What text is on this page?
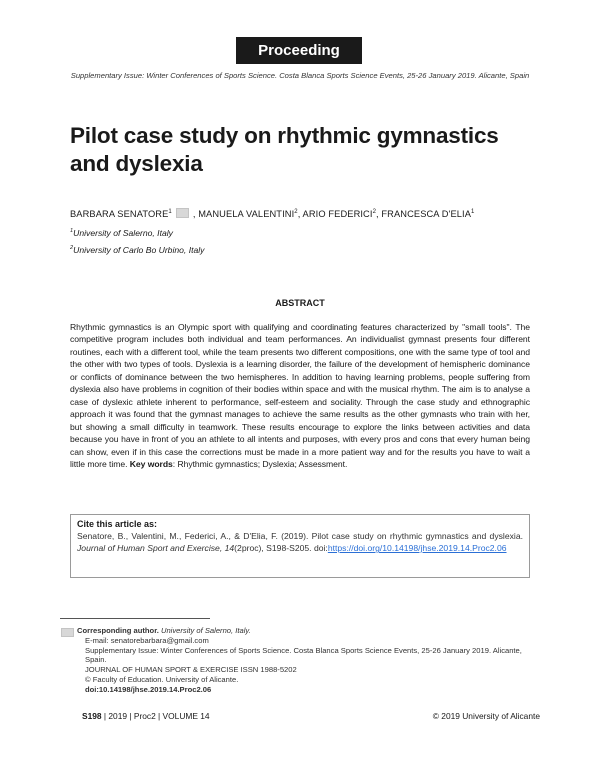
Proceeding
Supplementary Issue: Winter Conferences of Sports Science. Costa Blanca Sports Science Events, 25-26 January 2019. Alicante, Spain
Pilot case study on rhythmic gymnastics and dyslexia
BARBARA SENATORE$^1$ , MANUELA VALENTINI$^2$, ARIO FEDERICI$^2$, FRANCESCA D'ELIA$^1$
$^1$University of Salerno, Italy
$^2$University of Carlo Bo Urbino, Italy
ABSTRACT
Rhythmic gymnastics is an Olympic sport with qualifying and coordinating features characterized by "small tools". The competitive program includes both individual and team performances. An individualist gymnast presents four different routines, each with a different tool, while the team presents two different compositions, one with the same type of tool and the other with two types of tools. Dyslexia is a learning disorder, the failure of the development of hemispheric dominance or conflicts of dominance between the two hemispheres. In addition to having learning problems, people suffering from dyslexia also have problems in cognition of their bodies within space and with the musical rhythm. The aim is to analyse a case of dyslexic athlete inherent to performance, self-esteem and sociality. Through the case study and ethnographic approach it was found that the gymnast manages to achieve the same results as the other gymnasts who train with her, but showing a small difficulty in teamwork. These results encourage to explore the links between activities and data because you have in front of you an athlete to all intents and purposes, with every pros and cons that every human being can show, even if in this case the corrections must be made in a more patient way and for the results you have to wait a little more time. Key words: Rhythmic gymnastics; Dyslexia; Assessment.
Cite this article as:
Senatore, B., Valentini, M., Federici, A., & D'Elia, F. (2019). Pilot case study on rhythmic gymnastics and dyslexia. Journal of Human Sport and Exercise, 14(2proc), S198-S205. doi:https://doi.org/10.14198/jhse.2019.14.Proc2.06
Corresponding author. University of Salerno, Italy.
E-mail: senatorebarbara@gmail.com
Supplementary Issue: Winter Conferences of Sports Science. Costa Blanca Sports Science Events, 25-26 January 2019. Alicante, Spain.
JOURNAL OF HUMAN SPORT & EXERCISE ISSN 1988-5202
© Faculty of Education. University of Alicante.
doi:10.14198/jhse.2019.14.Proc2.06
S198 | 2019 | Proc2 | VOLUME 14	© 2019 University of Alicante
